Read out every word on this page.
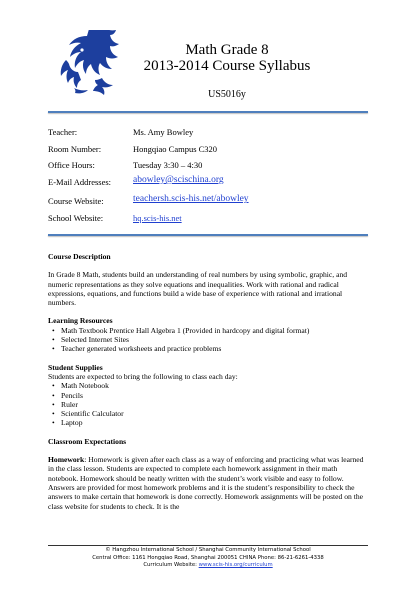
Math Grade 8
2013-2014 Course Syllabus
US5016y
Teacher:	Ms. Amy Bowley
Room Number:	Hongqiao Campus C320
Office Hours:	Tuesday 3:30 – 4:30
E-Mail Addresses: abowley@scischina.org
Course Website:	teachersh.scis-his.net/abowley
School Website:	hq.scis-his.net
Course Description

In Grade 8 Math, students build an understanding of real numbers by using symbolic, graphic, and numeric representations as they solve equations and inequalities. Work with rational and radical expressions, equations, and functions build a wide base of experience with rational and irrational numbers.

Learning Resources
• Math Textbook Prentice Hall Algebra 1 (Provided in hardcopy and digital format)
• Selected Internet Sites
• Teacher generated worksheets and practice problems
Student Supplies

Students are expected to bring the following to class each day:

• Math Notebook
• Pencils
• Ruler
• Scientific Calculator
• Laptop
Classroom Expectations

Homework: Homework is given after each class as a way of enforcing and practicing what was learned in the class lesson. Students are expected to complete each homework assignment in their math notebook. Homework should be neatly written with the student’s work visible and easy to follow. Answers are provided for most homework problems and it is the student’s responsibility to check the answers to make certain that homework is done correctly. Homework assignments will be posted on the class website for students to check. It is the

© Hangzhou International School / Shanghai Community International School
Central Office: 1161 Hongqiao Road, Shanghai 200051 CHINA Phone: 86-21-6261-4338
Curriculum Website: www.scis-his.org/curriculum
